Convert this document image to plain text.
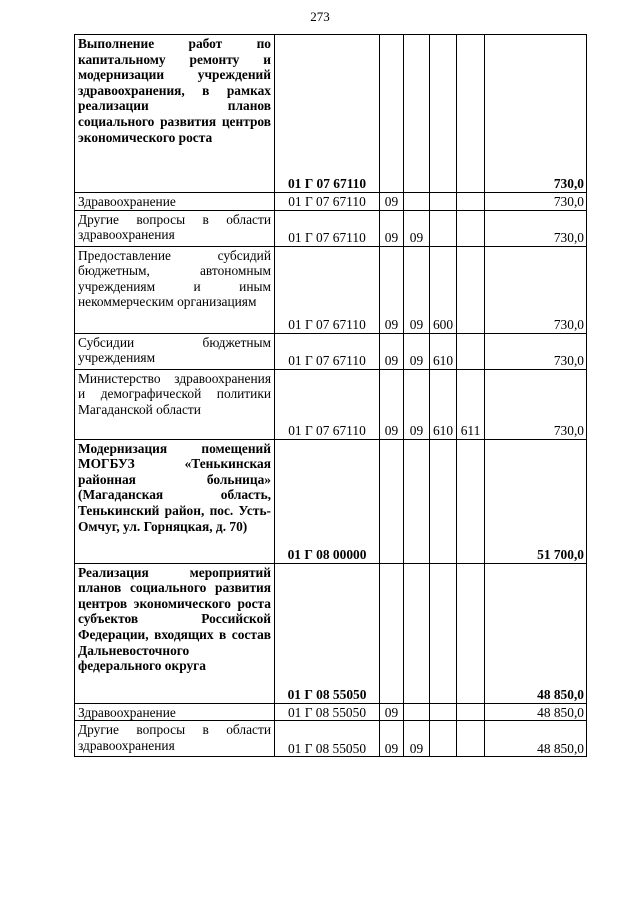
273
Выполнение работ по капитальному ремонту и модернизации учреждений здравоохранения, в рамках реализации планов социального развития центров экономического роста	01 Г 07 67110					730,0

Здравоохранение	01 Г 07 67110	09				730,0

Другие вопросы в области здравоохранения	01 Г 07 67110	09	09			730,0

Предоставление субсидий бюджетным, автономным учреждениям и иным некоммерческим организациям	01 Г 07 67110	09	09	600		730,0

Субсидии бюджетным учреждениям	01 Г 07 67110	09	09	610		730,0

Министерство здравоохранения и демографической политики Магаданской области	01 Г 07 67110	09	09	610	611	730,0

Модернизация помещений МОГБУЗ «Тенькинская районная больница» (Магаданская область, Тенькинский район, пос. Усть-Омчуг, ул. Горняцкая, д. 70)	01 Г 08 00000					51 700,0

Реализация мероприятий планов социального развития центров экономического роста субъектов Российской Федерации, входящих в состав Дальневосточного федерального округа	01 Г 08 55050					48 850,0

Здравоохранение	01 Г 08 55050	09				48 850,0

Другие вопросы в области здравоохранения	01 Г 08 55050	09	09			48 850,0
